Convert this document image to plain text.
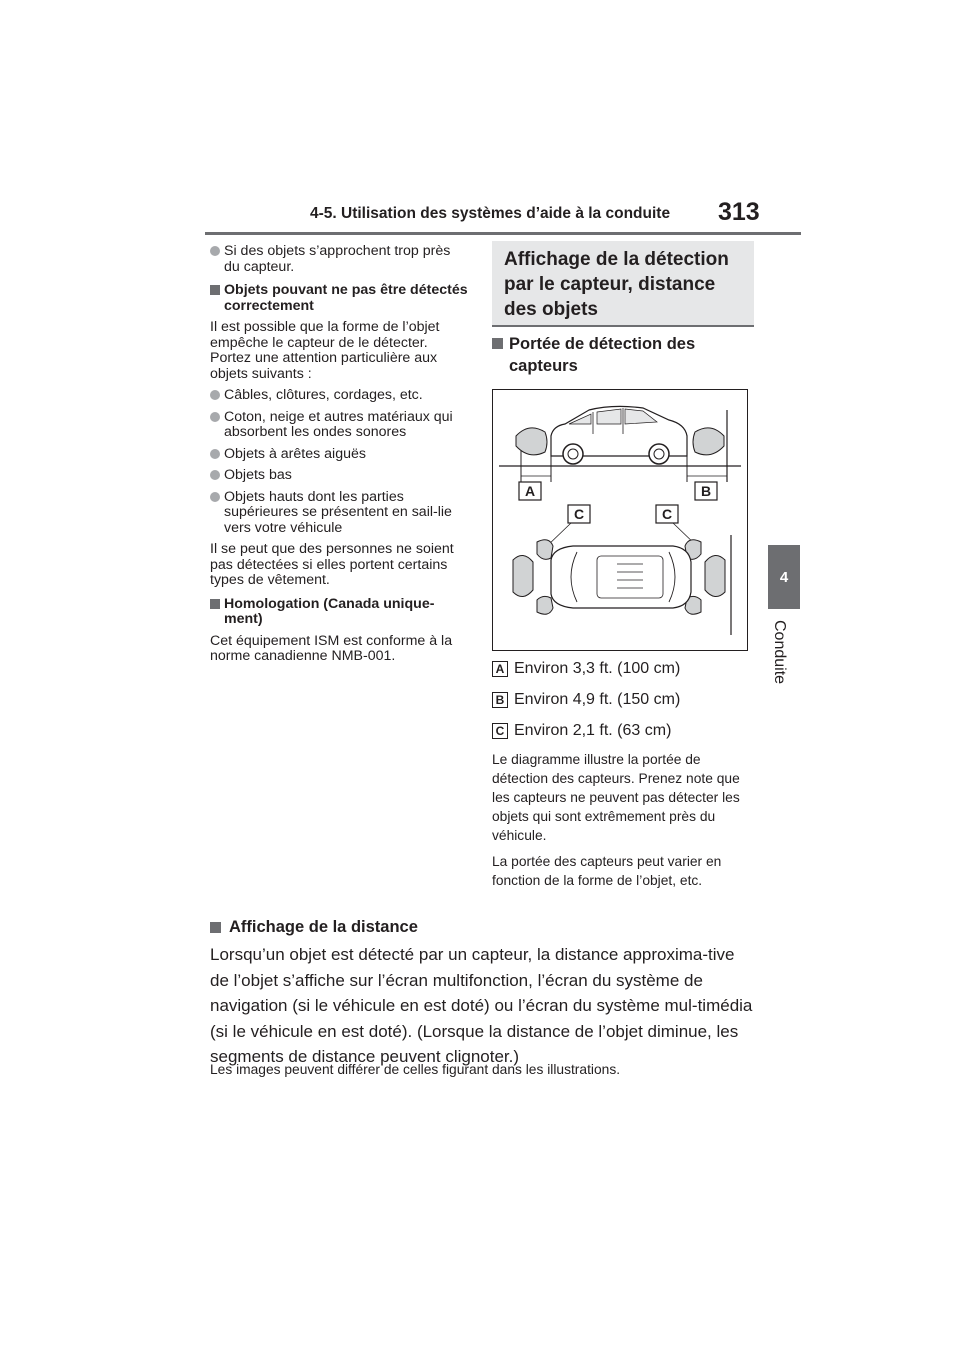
4-5. Utilisation des systèmes d’aide à la conduite 313
4
Conduite
Si des objets s’approchent trop près du capteur.
Objets pouvant ne pas être détectés correctement

Il est possible que la forme de l’objet empêche le capteur de le détecter. Portez une attention particulière aux objets suivants :

Câbles, clôtures, cordages, etc.
Coton, neige et autres matériaux qui absorbent les ondes sonores
Objets à arêtes aiguës
Objets bas
Objets hauts dont les parties supérieures se présentent en sail-lie vers votre véhicule

Il se peut que des personnes ne soient pas détectées si elles portent certains types de vêtement.

Homologation (Canada unique-ment)

Cet équipement ISM est conforme à la norme canadienne NMB-001.

Affichage de la détection par le capteur, distance des objets
Portée de détection des capteurs
A	B
C	C
A Environ 3,3 ft. (100 cm)
B Environ 4,9 ft. (150 cm)
C Environ 2,1 ft. (63 cm)
Le diagramme illustre la portée de détection des capteurs. Prenez note que les capteurs ne peuvent pas détecter les objets qui sont extrêmement près du véhicule.
La portée des capteurs peut varier en fonction de la forme de l’objet, etc.
Affichage de la distance
Lorsqu’un objet est détecté par un capteur, la distance approxima-tive de l’objet s’affiche sur l’écran multifonction, l’écran du système de navigation (si le véhicule en est doté) ou l’écran du système mul-timédia (si le véhicule en est doté). (Lorsque la distance de l’objet diminue, les segments de distance peuvent clignoter.)
Les images peuvent différer de celles figurant dans les illustrations.
